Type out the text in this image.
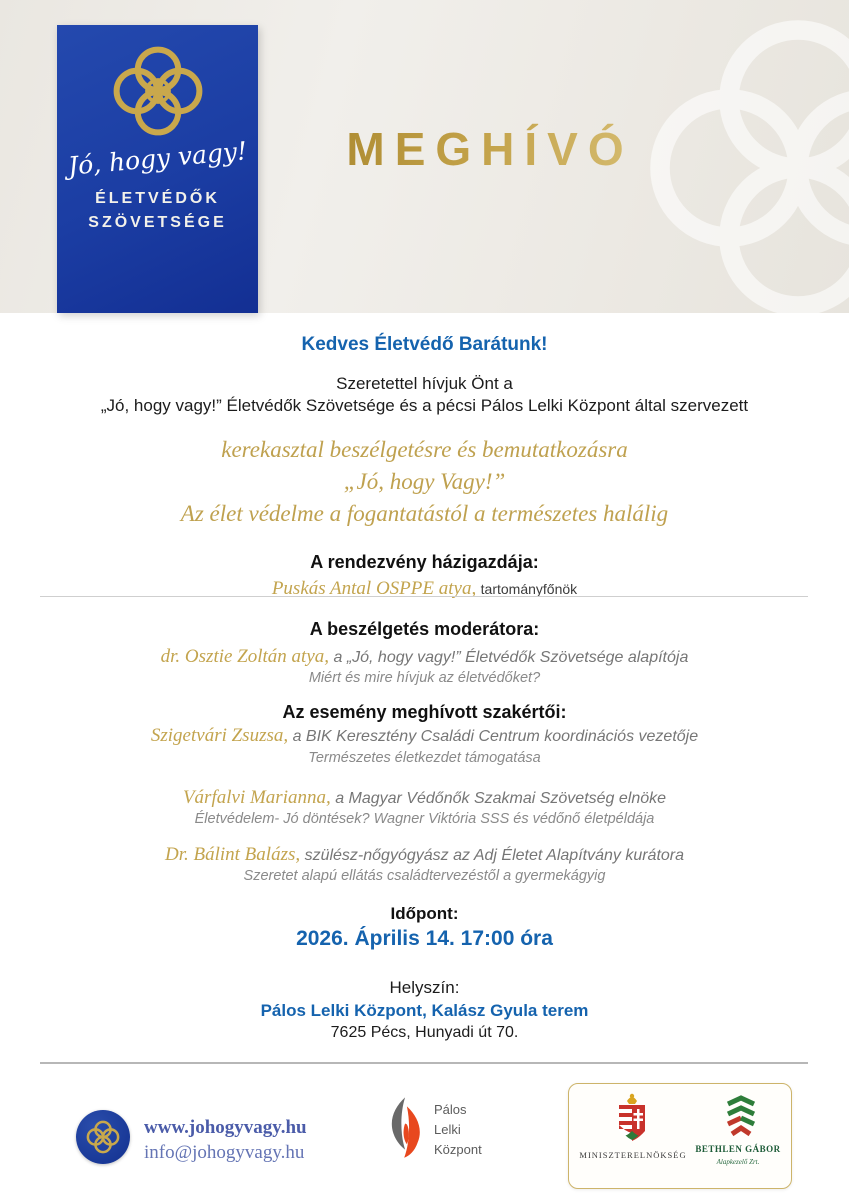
Jó, hogy vagy!
ÉLETVÉDŐK
SZÖVETSÉGE
MEGHÍVÓ
Kedves Életvédő Barátunk!
Szeretettel hívjuk Önt a
„Jó, hogy vagy!” Életvédők Szövetsége és a pécsi Pálos Lelki Központ által szervezett
kerekasztal beszélgetésre és bemutatkozásra
„Jó, hogy Vagy!”
Az élet védelme a fogantatástól a természetes halálig
A rendezvény házigazdája:
Puskás Antal OSPPE atya, tartományfőnök
A beszélgetés moderátora:
dr. Osztie Zoltán atya, a „Jó, hogy vagy!” Életvédők Szövetsége alapítója
Miért és mire hívjuk az életvédőket?
Az esemény meghívott szakértői:
Szigetvári Zsuzsa, a BIK Keresztény Családi Centrum koordinációs vezetője
Természetes életkezdet támogatása
Várfalvi Marianna, a Magyar Védőnők Szakmai Szövetség elnöke
Életvédelem- Jó döntések? Wagner Viktória SSS és védőnő életpéldája
Dr. Bálint Balázs, szülész-nőgyógyász az Adj Életet Alapítvány kurátora
Szeretet alapú ellátás családtervezéstől a gyermekágyig
Időpont:
2026. Április 14. 17:00 óra
Helyszín:
Pálos Lelki Központ, Kalász Gyula terem
7625 Pécs, Hunyadi út 70.
www.johogyvagy.hu
info@johogyvagy.hu
Pálos
Lelki
Központ	MINISZTERELNÖKSÉG
BETHLEN GÁBOR
Alapkezelő Zrt.
